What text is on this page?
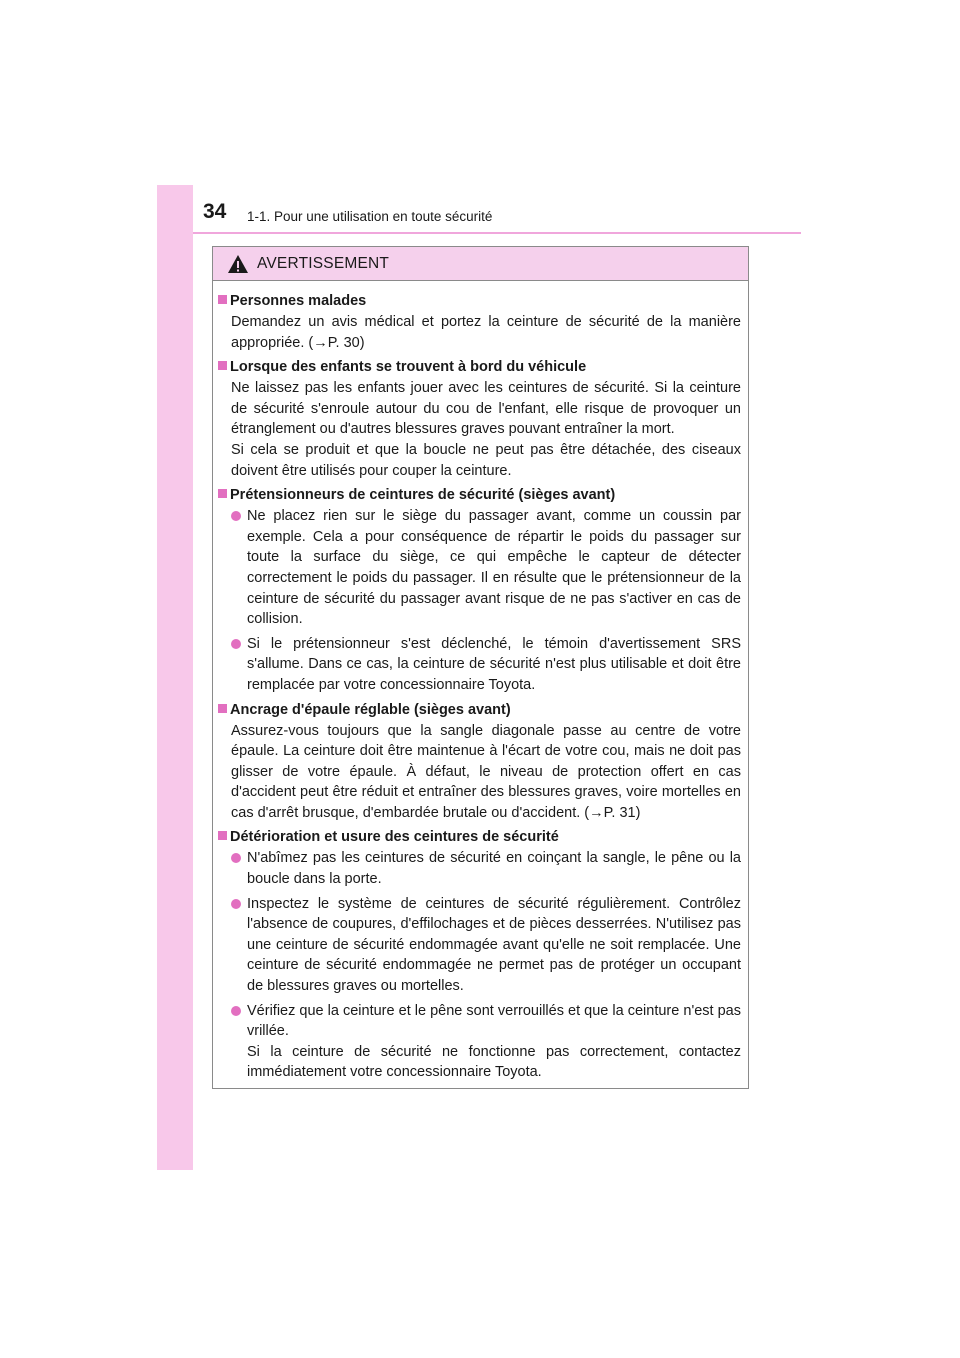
34 1-1. Pour une utilisation en toute sécurité
AVERTISSEMENT
Personnes malades
Demandez un avis médical et portez la ceinture de sécurité de la manière appropriée. (→P. 30)
Lorsque des enfants se trouvent à bord du véhicule
Ne laissez pas les enfants jouer avec les ceintures de sécurité. Si la ceinture de sécurité s'enroule autour du cou de l'enfant, elle risque de provoquer un étranglement ou d'autres blessures graves pouvant entraîner la mort.
Si cela se produit et que la boucle ne peut pas être détachée, des ciseaux doivent être utilisés pour couper la ceinture.
Prétensionneurs de ceintures de sécurité (sièges avant)
Ne placez rien sur le siège du passager avant, comme un coussin par exemple. Cela a pour conséquence de répartir le poids du passager sur toute la surface du siège, ce qui empêche le capteur de détecter correctement le poids du passager. Il en résulte que le prétensionneur de la ceinture de sécurité du passager avant risque de ne pas s'activer en cas de collision.
Si le prétensionneur s'est déclenché, le témoin d'avertissement SRS s'allume. Dans ce cas, la ceinture de sécurité n'est plus utilisable et doit être remplacée par votre concessionnaire Toyota.
Ancrage d'épaule réglable (sièges avant)
Assurez-vous toujours que la sangle diagonale passe au centre de votre épaule. La ceinture doit être maintenue à l'écart de votre cou, mais ne doit pas glisser de votre épaule. À défaut, le niveau de protection offert en cas d'accident peut être réduit et entraîner des blessures graves, voire mortelles en cas d'arrêt brusque, d'embardée brutale ou d'accident. (→P. 31)
Détérioration et usure des ceintures de sécurité
N'abîmez pas les ceintures de sécurité en coinçant la sangle, le pêne ou la boucle dans la porte.
Inspectez le système de ceintures de sécurité régulièrement. Contrôlez l'absence de coupures, d'effilochages et de pièces desserrées. N'utilisez pas une ceinture de sécurité endommagée avant qu'elle ne soit remplacée. Une ceinture de sécurité endommagée ne permet pas de protéger un occupant de blessures graves ou mortelles.
Vérifiez que la ceinture et le pêne sont verrouillés et que la ceinture n'est pas vrillée.
Si la ceinture de sécurité ne fonctionne pas correctement, contactez immédiatement votre concessionnaire Toyota.
